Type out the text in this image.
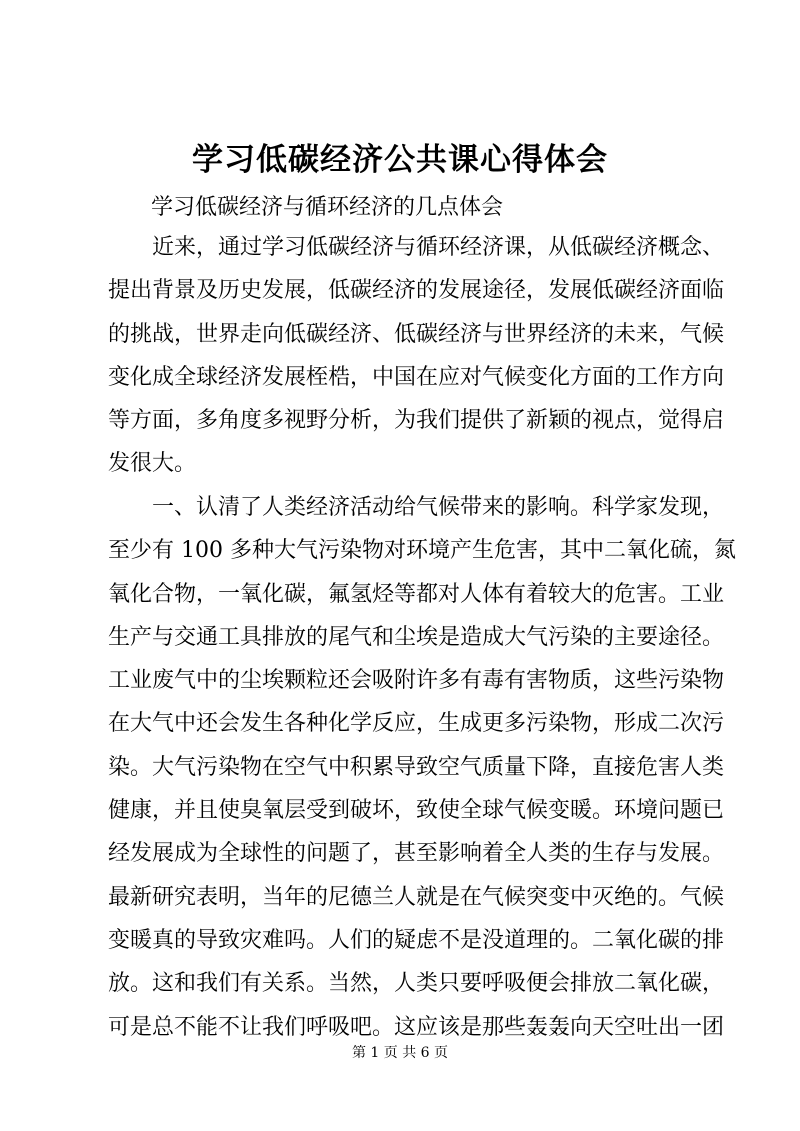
学习低碳经济公共课心得体会
学习低碳经济与循环经济的几点体会
　　近来，通过学习低碳经济与循环经济课，从低碳经济概念、
提出背景及历史发展，低碳经济的发展途径，发展低碳经济面临
的挑战，世界走向低碳经济、低碳经济与世界经济的未来，气候
变化成全球经济发展桎梏，中国在应对气候变化方面的工作方向
等方面，多角度多视野分析，为我们提供了新颖的视点，觉得启
发很大。
　　一、认清了人类经济活动给气候带来的影响。科学家发现，
至少有 100 多种大气污染物对环境产生危害，其中二氧化硫，氮
氧化合物，一氧化碳，氟氢烃等都对人体有着较大的危害。工业
生产与交通工具排放的尾气和尘埃是造成大气污染的主要途径。
工业废气中的尘埃颗粒还会吸附许多有毒有害物质，这些污染物
在大气中还会发生各种化学反应，生成更多污染物，形成二次污
染。大气污染物在空气中积累导致空气质量下降，直接危害人类
健康，并且使臭氧层受到破坏，致使全球气候变暖。环境问题已
经发展成为全球性的问题了，甚至影响着全人类的生存与发展。
最新研究表明，当年的尼德兰人就是在气候突变中灭绝的。气候
变暖真的导致灾难吗。人们的疑虑不是没道理的。二氧化碳的排
放。这和我们有关系。当然，人类只要呼吸便会排放二氧化碳，
可是总不能不让我们呼吸吧。这应该是那些轰轰向天空吐出一团
第 1 页 共 6 页
